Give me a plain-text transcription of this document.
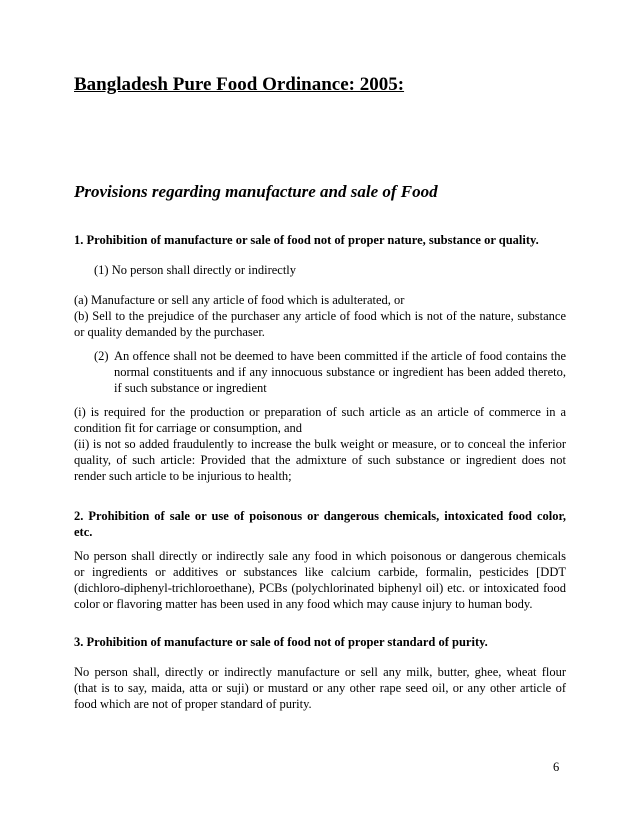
Bangladesh Pure Food Ordinance: 2005:
Provisions regarding manufacture and sale of Food
1. Prohibition of manufacture or sale of food not of proper nature, substance or quality.
(1) No person shall directly or indirectly
(a) Manufacture or sell any article of food which is adulterated, or
(b) Sell to the prejudice of the purchaser any article of food which is not of the nature, substance
or quality demanded by the purchaser.
(2) An offence shall not be deemed to have been committed if the article of food contains the
normal constituents and if any innocuous substance or ingredient has been added thereto,
if such substance or ingredient
(i) is required for the production or preparation of such article as an article of commerce in a
condition fit for carriage or consumption, and
(ii) is not so added fraudulently to increase the bulk weight or measure, or to conceal the inferior
quality, of such article: Provided that the admixture of such substance or ingredient does not
render such article to be injurious to health;
2. Prohibition of sale or use of poisonous or dangerous chemicals, intoxicated food color,
etc.
No person shall directly or indirectly sale any food in which poisonous or dangerous chemicals
or ingredients or additives or substances like calcium carbide, formalin, pesticides [DDT
(dichloro-diphenyl-trichloroethane), PCBs (polychlorinated biphenyl oil) etc. or intoxicated food
color or flavoring matter has been used in any food which may cause injury to human body.
3. Prohibition of manufacture or sale of food not of proper standard of purity.
No person shall, directly or indirectly manufacture or sell any milk, butter, ghee, wheat flour
(that is to say, maida, atta or suji) or mustard or any other rape seed oil, or any other article of
food which are not of proper standard of purity.
6
